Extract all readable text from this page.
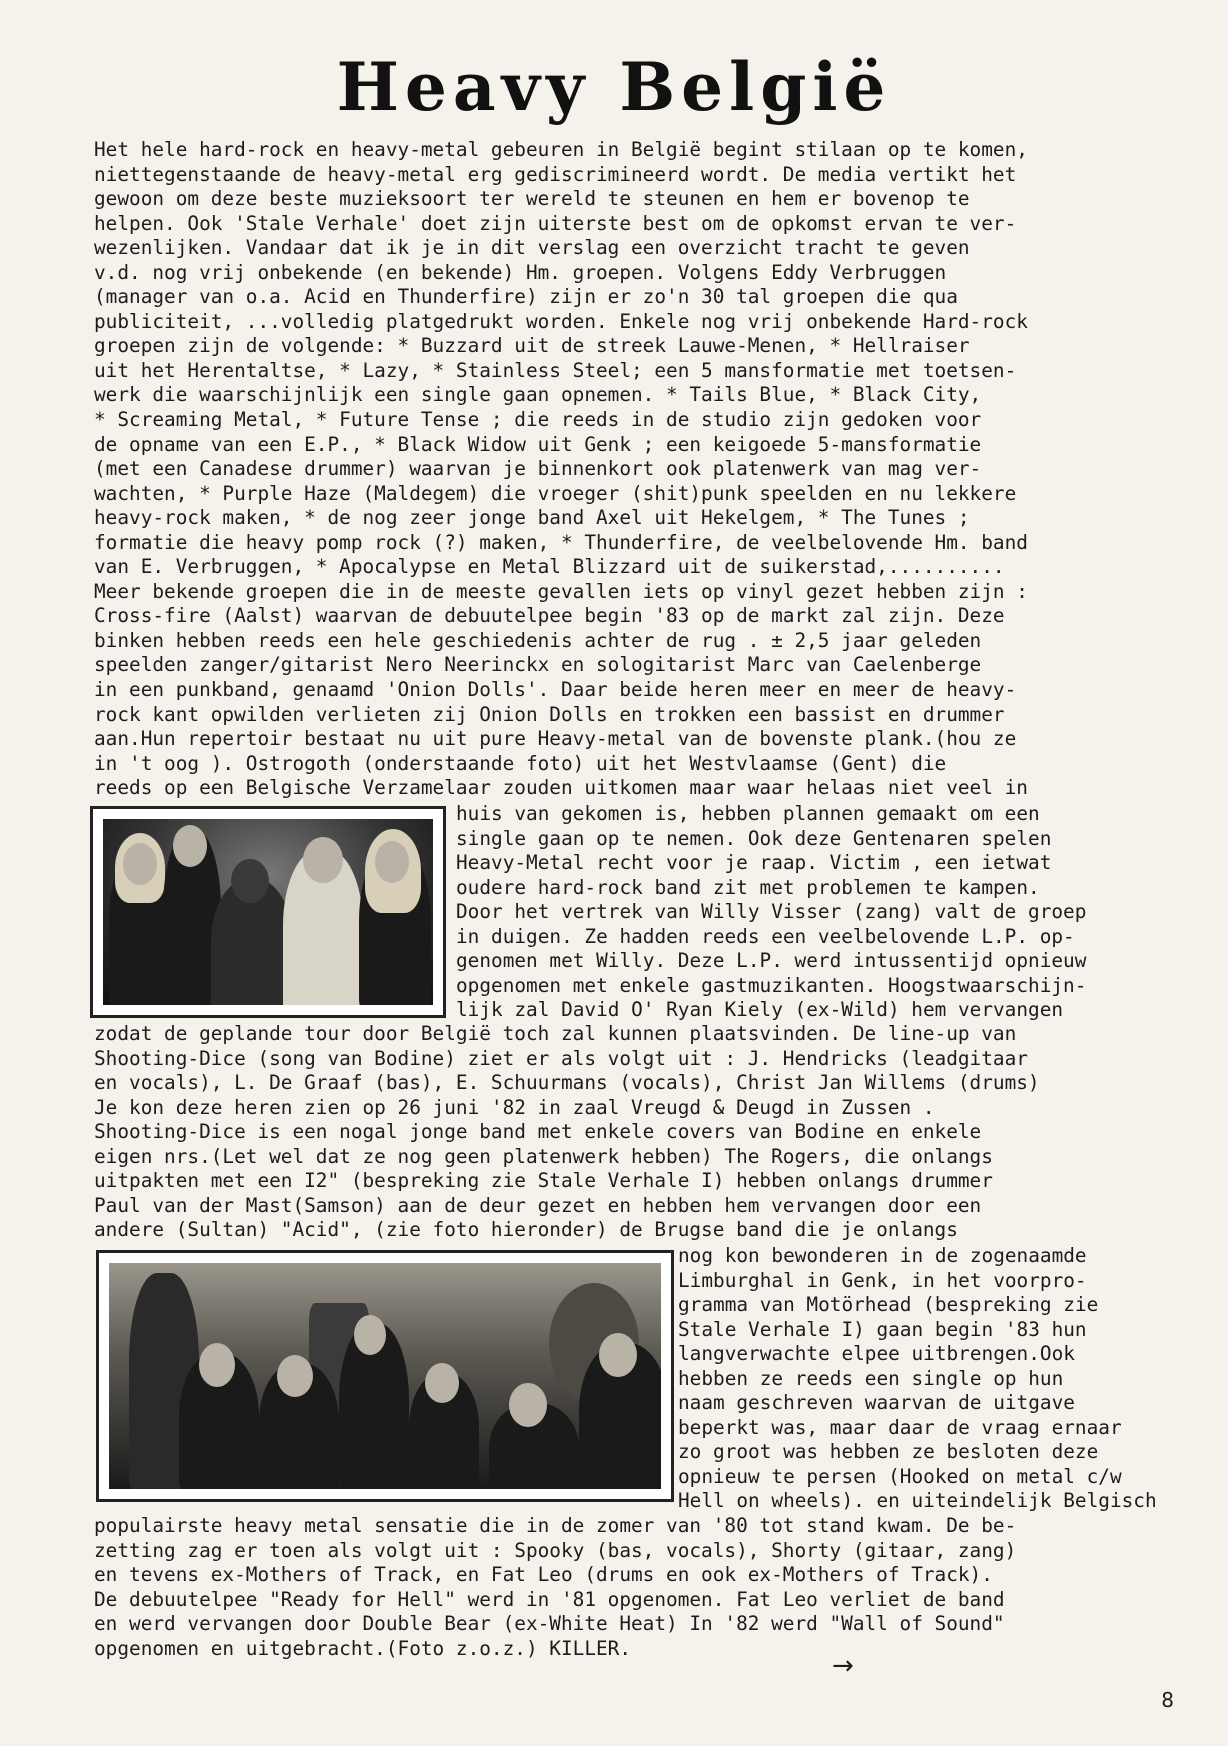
Heavy België
Het hele hard-rock en heavy-metal gebeuren in België begint stilaan op te komen,
niettegenstaande de heavy-metal erg gediscrimineerd wordt. De media vertikt het
gewoon om deze beste muzieksoort ter wereld te steunen en hem er bovenop te
helpen. Ook 'Stale Verhale' doet zijn uiterste best om de opkomst ervan te ver-
wezenlijken. Vandaar dat ik je in dit verslag een overzicht tracht te geven
v.d. nog vrij onbekende (en bekende) Hm. groepen. Volgens Eddy Verbruggen
(manager van o.a. Acid en Thunderfire) zijn er zo'n 30 tal groepen die qua
publiciteit, ...volledig platgedrukt worden. Enkele nog vrij onbekende Hard-rock
groepen zijn de volgende: * Buzzard uit de streek Lauwe-Menen, * Hellraiser
uit het Herentaltse, * Lazy, * Stainless Steel; een 5 mansformatie met toetsen-
werk die waarschijnlijk een single gaan opnemen. * Tails Blue, * Black City,
* Screaming Metal, * Future Tense ; die reeds in de studio zijn gedoken voor
de opname van een E.P., * Black Widow uit Genk ; een keigoede 5-mansformatie
(met een Canadese drummer) waarvan je binnenkort ook platenwerk van mag ver-
wachten, * Purple Haze (Maldegem) die vroeger (shit)punk speelden en nu lekkere
heavy-rock maken, * de nog zeer jonge band Axel uit Hekelgem, * The Tunes ;
formatie die heavy pomp rock (?) maken, * Thunderfire, de veelbelovende Hm. band
van E. Verbruggen, * Apocalypse en Metal Blizzard uit de suikerstad,..........
Meer bekende groepen die in de meeste gevallen iets op vinyl gezet hebben zijn :
Cross-fire (Aalst) waarvan de debuutelpee begin '83 op de markt zal zijn. Deze
binken hebben reeds een hele geschiedenis achter de rug . ± 2,5 jaar geleden
speelden zanger/gitarist Nero Neerinckx en sologitarist Marc van Caelenberge
in een punkband, genaamd 'Onion Dolls'. Daar beide heren meer en meer de heavy-
rock kant opwilden verlieten zij Onion Dolls en trokken een bassist en drummer
aan.Hun repertoir bestaat nu uit pure Heavy-metal van de bovenste plank.(hou ze
in 't oog ). Ostrogoth (onderstaande foto) uit het Westvlaamse (Gent) die
reeds op een Belgische Verzamelaar zouden uitkomen maar waar helaas niet veel in
huis van gekomen is, hebben plannen gemaakt om een
single gaan op te nemen. Ook deze Gentenaren spelen
Heavy-Metal recht voor je raap. Victim , een ietwat
oudere hard-rock band zit met problemen te kampen.
Door het vertrek van Willy Visser (zang) valt de groep
in duigen. Ze hadden reeds een veelbelovende L.P. op-
genomen met Willy. Deze L.P. werd intussentijd opnieuw
opgenomen met enkele gastmuzikanten. Hoogstwaarschijn-
lijk zal David O' Ryan Kiely (ex-Wild) hem vervangen
zodat de geplande tour door België toch zal kunnen plaatsvinden. De line-up van
Shooting-Dice (song van Bodine) ziet er als volgt uit : J. Hendricks (leadgitaar
en vocals), L. De Graaf (bas), E. Schuurmans (vocals), Christ Jan Willems (drums)
Je kon deze heren zien op 26 juni '82 in zaal Vreugd & Deugd in Zussen .
Shooting-Dice is een nogal jonge band met enkele covers van Bodine en enkele
eigen nrs.(Let wel dat ze nog geen platenwerk hebben) The Rogers, die onlangs
uitpakten met een I2" (bespreking zie Stale Verhale I) hebben onlangs drummer
Paul van der Mast(Samson) aan de deur gezet en hebben hem vervangen door een
andere (Sultan) "Acid", (zie foto hieronder) de Brugse band die je onlangs
nog kon bewonderen in de zogenaamde
Limburghal in Genk, in het voorpro-
gramma van Motörhead (bespreking zie
Stale Verhale I) gaan begin '83 hun
langverwachte elpee uitbrengen.Ook
hebben ze reeds een single op hun
naam geschreven waarvan de uitgave
beperkt was, maar daar de vraag ernaar
zo groot was hebben ze besloten deze
opnieuw te persen (Hooked on metal c/w
Hell on wheels). en uiteindelijk Belgisch
populairste heavy metal sensatie die in de zomer van '80 tot stand kwam. De be-
zetting zag er toen als volgt uit : Spooky (bas, vocals), Shorty (gitaar, zang)
en tevens ex-Mothers of Track, en Fat Leo (drums en ook ex-Mothers of Track).
De debuutelpee "Ready for Hell" werd in '81 opgenomen. Fat Leo verliet de band
en werd vervangen door Double Bear (ex-White Heat) In '82 werd "Wall of Sound"
opgenomen en uitgebracht.(Foto z.o.z.) KILLER.
→
8
